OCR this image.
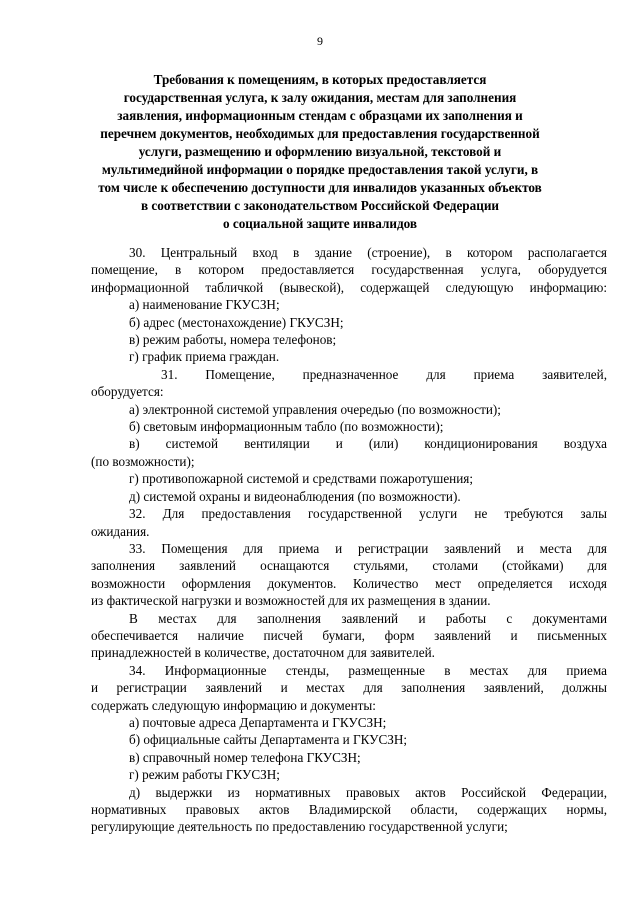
9
Требования к помещениям, в которых предоставляется
государственная услуга, к залу ожидания, местам для заполнения
заявления, информационным стендам с образцами их заполнения и
перечнем документов, необходимых для предоставления государственной
услуги, размещению и оформлению визуальной, текстовой и
мультимедийной информации о порядке предоставления такой услуги, в
том числе к обеспечению доступности для инвалидов указанных объектов
в соответствии с законодательством Российской Федерации
о социальной защите инвалидов
30. Центральный вход в здание (строение), в котором располагается
помещение, в котором предоставляется государственная услуга, оборудуется
информационной табличкой (вывеской), содержащей следующую информацию:
а) наименование ГКУСЗН;
б) адрес (местонахождение) ГКУСЗН;
в) режим работы, номера телефонов;
г) график приема граждан.
31. Помещение, предназначенное для приема заявителей,
оборудуется:
а) электронной системой управления очередью (по возможности);
б) световым информационным табло (по возможности);
в) системой вентиляции и (или) кондиционирования воздуха
(по возможности);
г) противопожарной системой и средствами пожаротушения;
д) системой охраны и видеонаблюдения (по возможности).
32. Для предоставления государственной услуги не требуются залы
ожидания.
33. Помещения для приема и регистрации заявлений и места для
заполнения заявлений оснащаются стульями, столами (стойками) для
возможности оформления документов. Количество мест определяется исходя
из фактической нагрузки и возможностей для их размещения в здании.
В местах для заполнения заявлений и работы с документами
обеспечивается наличие писчей бумаги, форм заявлений и письменных
принадлежностей в количестве, достаточном для заявителей.
34. Информационные стенды, размещенные в местах для приема
и регистрации заявлений и местах для заполнения заявлений, должны
содержать следующую информацию и документы:
а) почтовые адреса Департамента и ГКУСЗН;
б) официальные сайты Департамента и ГКУСЗН;
в) справочный номер телефона ГКУСЗН;
г) режим работы ГКУСЗН;
д) выдержки из нормативных правовых актов Российской Федерации,
нормативных правовых актов Владимирской области, содержащих нормы,
регулирующие деятельность по предоставлению государственной услуги;
